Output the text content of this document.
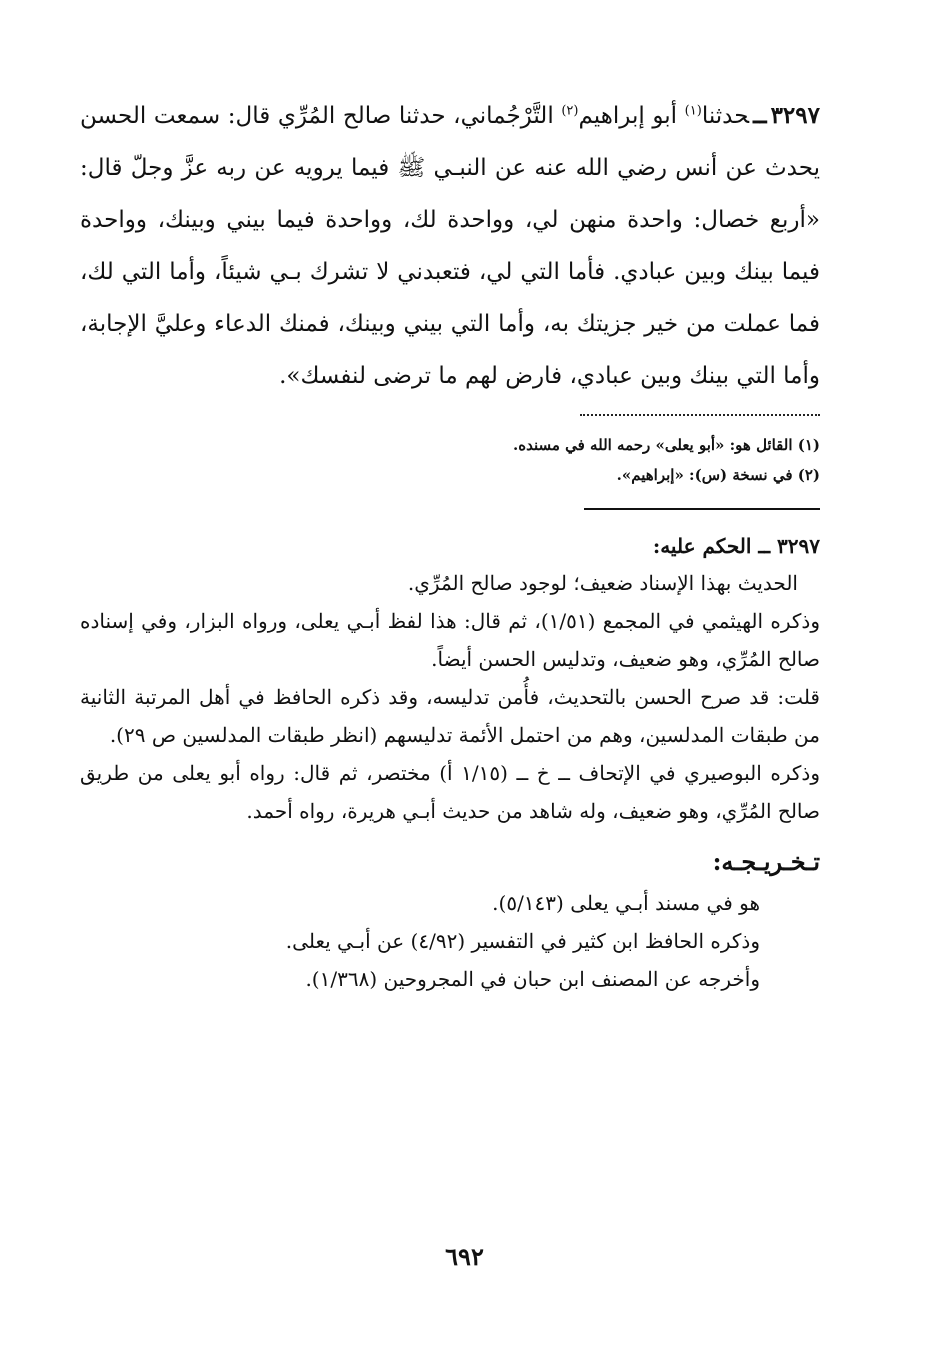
٣٢٩٧ــحدثنا$^{(١)}$ أبو إبراهيم$^{(٢)}$ التَّرْجُماني، حدثنا صالح المُرِّي قال: سمعت الحسن يحدث عن أنس رضي الله عنه عن النبـي ﷺ فيما يرويه عن ربه عزَّ وجلّ قال: «أربع خصال: واحدة منهن لي، وواحدة لك، وواحدة فيما بيني وبينك، وواحدة فيما بينك وبين عبادي. فأما التي لي، فتعبدني لا تشرك بـي شيئاً، وأما التي لك، فما عملت من خير جزيتك به، وأما التي بيني وبينك، فمنك الدعاء وعليَّ الإجابة، وأما التي بينك وبين عبادي، فارض لهم ما ترضى لنفسك».

(١) القائل هو: «أبو يعلى» رحمه الله في مسنده.
(٢) في نسخة (س): «إبراهيم».
٣٢٩٧ ــ الحكم عليه:

الحديث بهذا الإسناد ضعيف؛ لوجود صالح المُرِّي.

وذكره الهيثمي في المجمع (١/٥١)، ثم قال: هذا لفظ أبـي يعلى، ورواه البزار، وفي إسناده صالح المُرِّي، وهو ضعيف، وتدليس الحسن أيضاً.

قلت: قد صرح الحسن بالتحديث، فأُمن تدليسه، وقد ذكره الحافظ في أهل المرتبة الثانية من طبقات المدلسين، وهم من احتمل الأئمة تدليسهم (انظر طبقات المدلسين ص ٢٩).

وذكره البوصيري في الإتحاف ــ خ ــ (١/١٥ أ) مختصر، ثم قال: رواه أبو يعلى من طريق صالح المُرِّي، وهو ضعيف، وله شاهد من حديث أبـي هريرة، رواه أحمد.

تـخـريـجـه:
هو في مسند أبـي يعلى (٥/١٤٣).
وذكره الحافظ ابن كثير في التفسير (٤/٩٢) عن أبـي يعلى.
وأخرجه عن المصنف ابن حبان في المجروحين (١/٣٦٨).
٦٩٢
